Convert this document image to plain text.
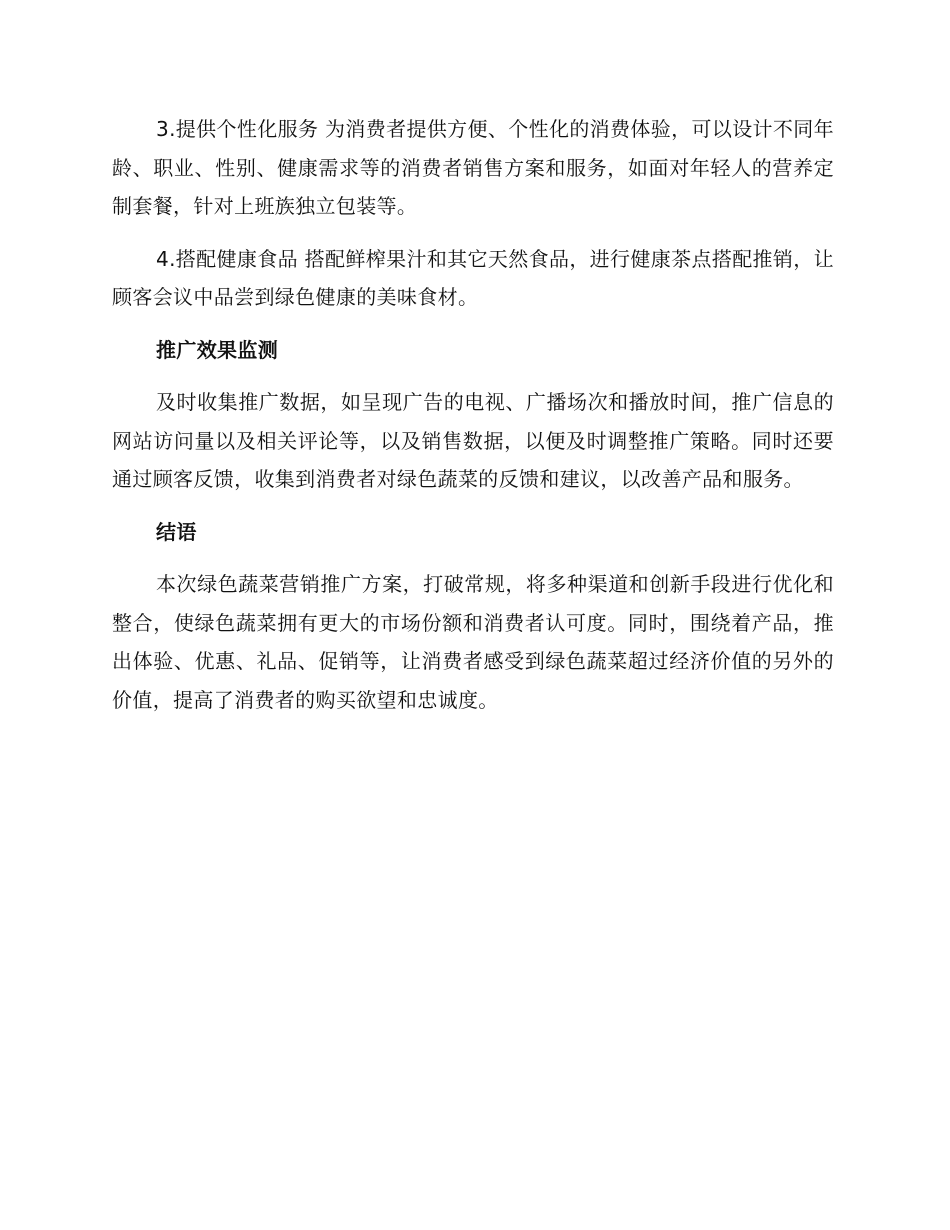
3.提供个性化服务 为消费者提供方便、个性化的消费体验，可以设计不同年龄、职业、性别、健康需求等的消费者销售方案和服务，如面对年轻人的营养定制套餐，针对上班族独立包装等。

4.搭配健康食品 搭配鲜榨果汁和其它天然食品，进行健康茶点搭配推销，让顾客会议中品尝到绿色健康的美味食材。

推广效果监测

及时收集推广数据，如呈现广告的电视、广播场次和播放时间，推广信息的网站访问量以及相关评论等，以及销售数据，以便及时调整推广策略。同时还要通过顾客反馈，收集到消费者对绿色蔬菜的反馈和建议，以改善产品和服务。

结语

本次绿色蔬菜营销推广方案，打破常规，将多种渠道和创新手段进行优化和整合，使绿色蔬菜拥有更大的市场份额和消费者认可度。同时，围绕着产品，推出体验、优惠、礼品、促销等，让消费者感受到绿色蔬菜超过经济价值的另外的价值，提高了消费者的购买欲望和忠诚度。
